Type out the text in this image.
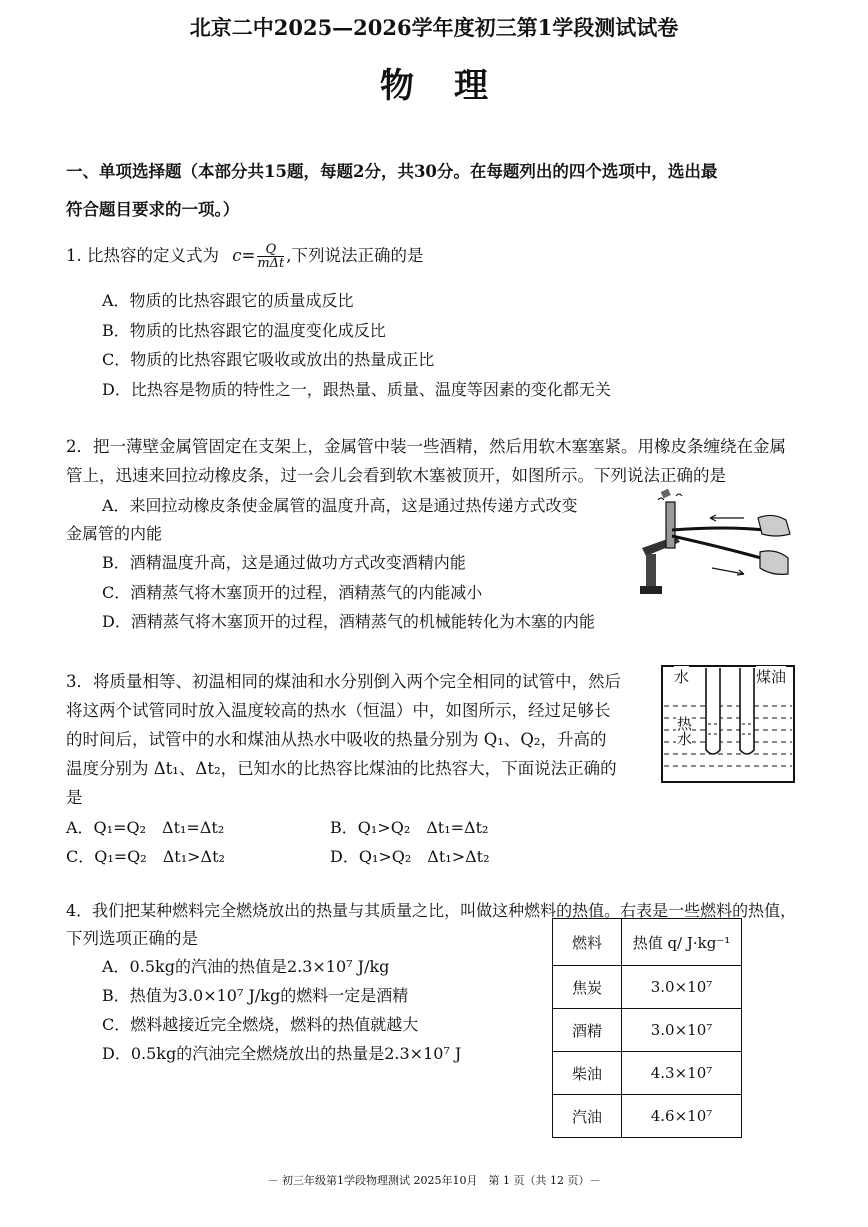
北京二中2025—2026学年度初三第1学段测试试卷
物理
一、单项选择题（本部分共15题，每题2分，共30分。在每题列出的四个选项中，选出最
符合题目要求的一项。）
1. 比热容的定义式为 $c= \frac{Q}{\text{mΔt}}$ ,下列说法正确的是
A．物质的比热容跟它的质量成反比
B．物质的比热容跟它的温度变化成反比
C．物质的比热容跟它吸收或放出的热量成正比
D．比热容是物质的特性之一，跟热量、质量、温度等因素的变化都无关
2．把一薄壁金属管固定在支架上，金属管中装一些酒精，然后用软木塞塞紧。用橡皮条缠绕在金属
管上，迅速来回拉动橡皮条，过一会儿会看到软木塞被顶开，如图所示。下列说法正确的是
A．来回拉动橡皮条使金属管的温度升高，这是通过热传递方式改变
金属管的内能
B．酒精温度升高，这是通过做功方式改变酒精内能
C．酒精蒸气将木塞顶开的过程，酒精蒸气的内能减小
D．酒精蒸气将木塞顶开的过程，酒精蒸气的机械能转化为木塞的内能
3．将质量相等、初温相同的煤油和水分别倒入两个完全相同的试管中，然后
将这两个试管同时放入温度较高的热水（恒温）中，如图所示，经过足够长
的时间后，试管中的水和煤油从热水中吸收的热量分别为 Q₁、Q₂，升高的
温度分别为 Δt₁、Δt₂，已知水的比热容比煤油的比热容大，下面说法正确的
是
A．Q₁=Q₂　Δt₁=Δt₂	B．Q₁>Q₂　Δt₁=Δt₂
C．Q₁=Q₂　Δt₁>Δt₂	D．Q₁>Q₂　Δt₁>Δt₂
水	煤油
热水
4．我们把某种燃料完全燃烧放出的热量与其质量之比，叫做这种燃料的热值。右表是一些燃料的热值，
下列选项正确的是
A．0.5kg的汽油的热值是2.3×10⁷ J/kg
B．热值为3.0×10⁷ J/kg的燃料一定是酒精
C．燃料越接近完全燃烧，燃料的热值就越大
D．0.5kg的汽油完全燃烧放出的热量是2.3×10⁷ J
燃料	热值 q/ J·kg⁻¹
焦炭	3.0×10⁷
酒精	3.0×10⁷
柴油	4.3×10⁷
汽油	4.6×10⁷
－ 初三年级第1学段物理测试 2025年10月　第 1 页（共 12 页）－
